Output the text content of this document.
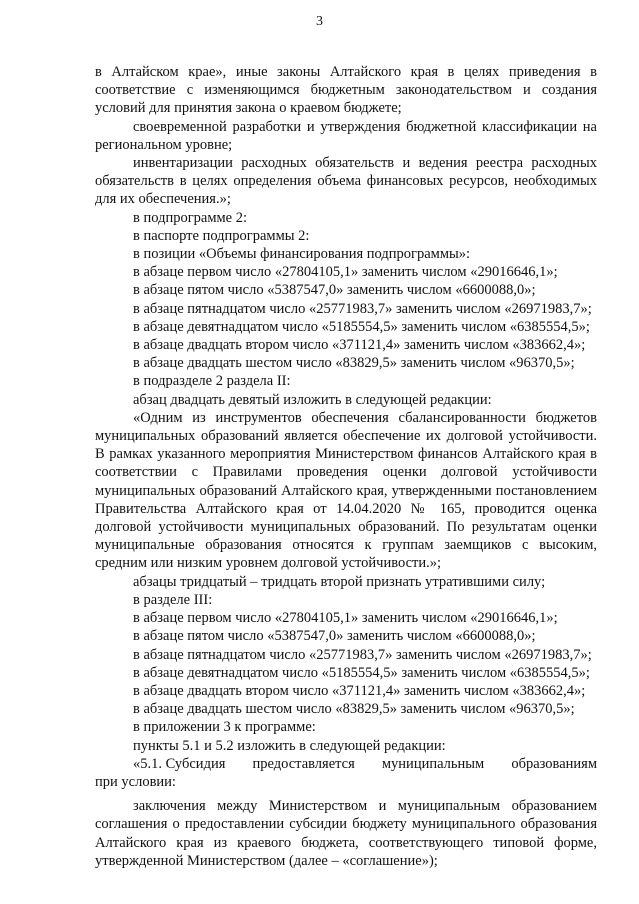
3

в Алтайском крае», иные законы Алтайского края в целях приведения в соответствие с изменяющимся бюджетным законодательством и создания условий для принятия закона о краевом бюджете;

своевременной разработки и утверждения бюджетной классификации на региональном уровне;

инвентаризации расходных обязательств и ведения реестра расходных обязательств в целях определения объема финансовых ресурсов, необходимых для их обеспечения.»;

в подпрограмме 2:

в паспорте подпрограммы 2:

в позиции «Объемы финансирования подпрограммы»:

в абзаце первом число «27804105,1» заменить числом «29016646,1»;

в абзаце пятом число «5387547,0» заменить числом «6600088,0»;

в абзаце пятнадцатом число «25771983,7» заменить числом «26971983,7»;

в абзаце девятнадцатом число «5185554,5» заменить числом «6385554,5»;

в абзаце двадцать втором число «371121,4» заменить числом «383662,4»;

в абзаце двадцать шестом число «83829,5» заменить числом «96370,5»;

в подразделе 2 раздела II:

абзац двадцать девятый изложить в следующей редакции:

«Одним из инструментов обеспечения сбалансированности бюджетов муниципальных образований является обеспечение их долговой устойчивости. В рамках указанного мероприятия Министерством финансов Алтайского края в соответствии с Правилами проведения оценки долговой устойчивости муниципальных образований Алтайского края, утвержденными постановлением Правительства Алтайского края от 14.04.2020 № 165, проводится оценка долговой устойчивости муниципальных образований. По результатам оценки муниципальные образования относятся к группам заемщиков с высоким, средним или низким уровнем долговой устойчивости.»;

абзацы тридцатый – тридцать второй признать утратившими силу;

в разделе III:

в абзаце первом число «27804105,1» заменить числом «29016646,1»;

в абзаце пятом число «5387547,0» заменить числом «6600088,0»;

в абзаце пятнадцатом число «25771983,7» заменить числом «26971983,7»;

в абзаце девятнадцатом число «5185554,5» заменить числом «6385554,5»;

в абзаце двадцать втором число «371121,4» заменить числом «383662,4»;

в абзаце двадцать шестом число «83829,5» заменить числом «96370,5»;

в приложении 3 к программе:

пункты 5.1 и 5.2 изложить в следующей редакции:

«5.1. Субсидия предоставляется муниципальным образованиям

при условии:

заключения между Министерством и муниципальным образованием соглашения о предоставлении субсидии бюджету муниципального образования Алтайского края из краевого бюджета, соответствующего типовой форме, утвержденной Министерством (далее – «соглашение»);
